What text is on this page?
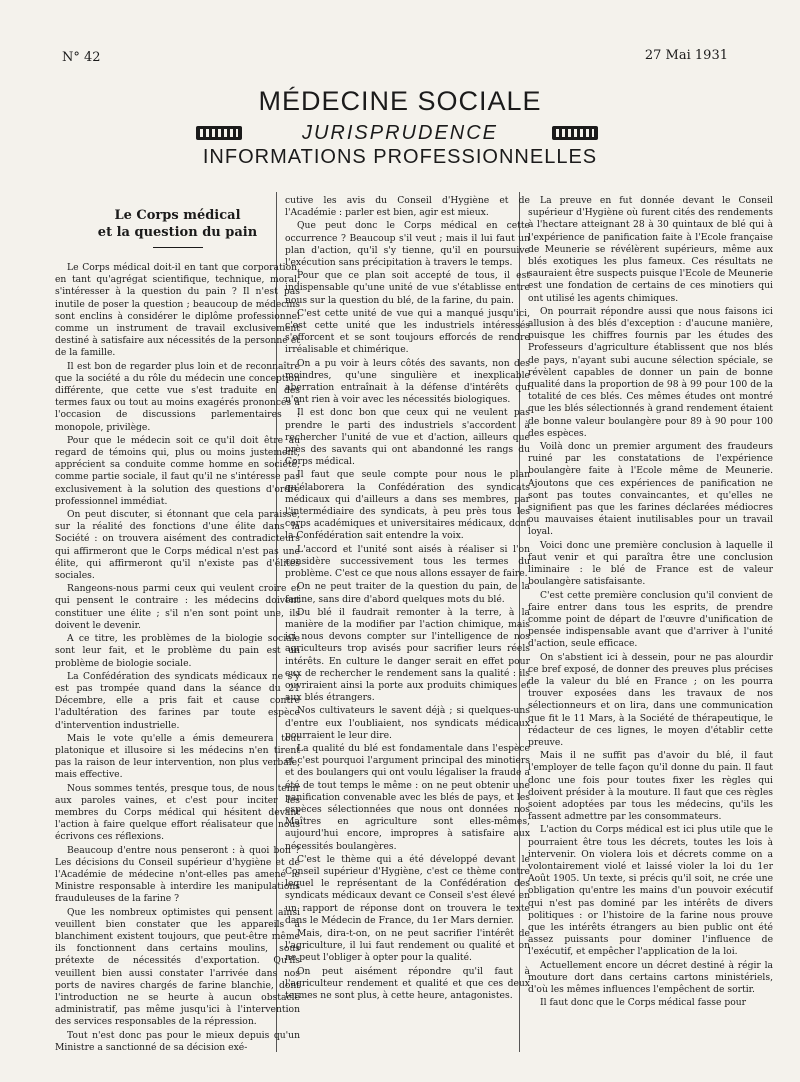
N° 42	27 Mai 1931
MÉDECINE SOCIALE
JURISPRUDENCE
INFORMATIONS PROFESSIONNELLES
Le Corps médical
et la question du pain

Le Corps médical doit-il en tant que corporation, en tant qu'agrégat scientifique, technique, moral, s'intéresser à la question du pain ? Il n'est pas inutile de poser la question ; beaucoup de médecins sont enclins à considérer le diplôme professionnel comme un instrument de travail exclusivement destiné à satisfaire aux nécessités de la personne et de la famille.

Il est bon de regarder plus loin et de reconnaître que la société a du rôle du médecin une conception différente, que cette vue s'est traduite en des termes faux ou tout au moins exagérés prononcés à l'occasion de discussions parlementaires : monopole, privilège.

Pour que le médecin soit ce qu'il doit être au regard de témoins qui, plus ou moins justement, apprécient sa conduite comme homme en société, comme partie sociale, il faut qu'il ne s'intéresse pas exclusivement à la solution des questions d'ordre professionnel immédiat.

On peut discuter, si étonnant que cela paraisse, sur la réalité des fonctions d'une élite dans la Société : on trouvera aisément des contradicteurs qui affirmeront que le Corps médical n'est pas une élite, qui affirmeront qu'il n'existe pas d'élites sociales.

Rangeons-nous parmi ceux qui veulent croire et qui pensent le contraire : les médecins doivent constituer une élite ; s'il n'en sont point une, ils doivent le devenir.

A ce titre, les problèmes de la biologie sociale sont leur fait, et le problème du pain est un problème de biologie sociale.

La Confédération des syndicats médicaux ne s'y est pas trompée quand dans la séance du 21 Décembre, elle a pris fait et cause contre l'adultération des farines par toute espèce d'intervention industrielle.

Mais le vote qu'elle a émis demeurera tout platonique et illusoire si les médecins n'en tirent pas la raison de leur intervention, non plus verbale, mais effective.

Nous sommes tentés, presque tous, de nous tenir aux paroles vaines, et c'est pour inciter les membres du Corps médical qui hésitent devant l'action à faire quelque effort réalisateur que nous écrivons ces réflexions.

Beaucoup d'entre nous penseront : à quoi bon ? Les décisions du Conseil supérieur d'hygiène et de l'Académie de médecine n'ont-elles pas amené le Ministre responsable à interdire les manipulations frauduleuses de la farine ?

Que les nombreux optimistes qui pensent ainsi veuillent bien constater que les appareils à blanchiment existent toujours, que peut-être même ils fonctionnent dans certains moulins, sous prétexte de nécessités d'exportation. Qu'ils veuillent bien aussi constater l'arrivée dans nos ports de navires chargés de farine blanchie, dont l'introduction ne se heurte à aucun obstacle administratif, pas même jusqu'ici à l'intervention des services responsables de la répression.

Tout n'est donc pas pour le mieux depuis qu'un Ministre a sanctionné de sa décision exé-

cutive les avis du Conseil d'Hygiène et de l'Académie : parler est bien, agir est mieux.

Que peut donc le Corps médical en cette occurrence ? Beaucoup s'il veut ; mais il lui faut un plan d'action, qu'il s'y tienne, qu'il en poursuive l'exécution sans précipitation à travers le temps.

Pour que ce plan soit accepté de tous, il est indispensable qu'une unité de vue s'établisse entre nous sur la question du blé, de la farine, du pain.

C'est cette unité de vue qui a manqué jusqu'ici, c'est cette unité que les industriels intéressés s'efforcent et se sont toujours efforcés de rendre irréalisable et chimérique.

On a pu voir à leurs côtés des savants, non des moindres, qu'une singulière et inexplicable aberration entraînait à la défense d'intérêts qui n'ont rien à voir avec les nécessités biologiques.

Il est donc bon que ceux qui ne veulent pas prendre le parti des industriels s'accordent à rechercher l'unité de vue et d'action, ailleurs que près des savants qui ont abandonné les rangs du Corps médical.

Il faut que seule compte pour nous le plan qu'élaborera la Confédération des syndicats médicaux qui d'ailleurs a dans ses membres, par l'intermédiaire des syndicats, à peu près tous les corps académiques et universitaires médicaux, dont la Confédération sait entendre la voix.

L'accord et l'unité sont aisés à réaliser si l'on considère successivement tous les termes du problème. C'est ce que nous allons essayer de faire.

On ne peut traiter de la question du pain, de la farine, sans dire d'abord quelques mots du blé.

Du blé il faudrait remonter à la terre, à la manière de la modifier par l'action chimique, mais ici nous devons compter sur l'intelligence de nos agriculteurs trop avisés pour sacrifier leurs réels intérêts. En culture le danger serait en effet pour eux de rechercher le rendement sans la qualité : ils ouvriraient ainsi la porte aux produits chimiques et aux blés étrangers.

Nos cultivateurs le savent déjà ; si quelques-uns d'entre eux l'oubliaient, nos syndicats médicaux pourraient le leur dire.

La qualité du blé est fondamentale dans l'espèce et c'est pourquoi l'argument principal des minotiers et des boulangers qui ont voulu légaliser la fraude a été de tout temps le même : on ne peut obtenir une panification convenable avec les blés de pays, et les espèces sélectionnées que nous ont données nos Maîtres en agriculture sont elles-mêmes, aujourd'hui encore, impropres à satisfaire aux nécessités boulangères.

C'est le thème qui a été développé devant le Conseil supérieur d'Hygiène, c'est ce thème contre lequel le représentant de la Confédération des syndicats médicaux devant ce Conseil s'est élevé en un rapport de réponse dont on trouvera le texte dans le Médecin de France, du 1er Mars dernier.

Mais, dira-t-on, on ne peut sacrifier l'intérêt de l'agriculture, il lui faut rendement ou qualité et on ne peut l'obliger à opter pour la qualité.

On peut aisément répondre qu'il faut à l'agriculteur rendement et qualité et que ces deux termes ne sont plus, à cette heure, antagonistes.

La preuve en fut donnée devant le Conseil supérieur d'Hygiène où furent cités des rendements à l'hectare atteignant 28 à 30 quintaux de blé qui à l'expérience de panification faite à l'Ecole française de Meunerie se révélèrent supérieurs, même aux blés exotiques les plus fameux. Ces résultats ne sauraient être suspects puisque l'Ecole de Meunerie est une fondation de certains de ces minotiers qui ont utilisé les agents chimiques.

On pourrait répondre aussi que nous faisons ici allusion à des blés d'exception : d'aucune manière, puisque les chiffres fournis par les études des Professeurs d'agriculture établissent que nos blés de pays, n'ayant subi aucune sélection spéciale, se révèlent capables de donner un pain de bonne qualité dans la proportion de 98 à 99 pour 100 de la totalité de ces blés. Ces mêmes études ont montré que les blés sélectionnés à grand rendement étaient de bonne valeur boulangère pour 89 à 90 pour 100 des espèces.

Voilà donc un premier argument des fraudeurs ruiné par les constatations de l'expérience boulangère faite à l'Ecole même de Meunerie. Ajoutons que ces expériences de panification ne sont pas toutes convaincantes, et qu'elles ne signifient pas que les farines déclarées médiocres ou mauvaises étaient inutilisables pour un travail loyal.

Voici donc une première conclusion à laquelle il faut venir et qui paraîtra être une conclusion liminaire : le blé de France est de valeur boulangère satisfaisante.

C'est cette première conclusion qu'il convient de faire entrer dans tous les esprits, de prendre comme point de départ de l'œuvre d'unification de pensée indispensable avant que d'arriver à l'unité d'action, seule efficace.

On s'abstient ici à dessein, pour ne pas alourdir ce bref exposé, de donner des preuves plus précises de la valeur du blé en France ; on les pourra trouver exposées dans les travaux de nos sélectionneurs et on lira, dans une communication que fit le 11 Mars, à la Société de thérapeutique, le rédacteur de ces lignes, le moyen d'établir cette preuve.

Mais il ne suffit pas d'avoir du blé, il faut l'employer de telle façon qu'il donne du pain. Il faut donc une fois pour toutes fixer les règles qui doivent présider à la mouture. Il faut que ces règles soient adoptées par tous les médecins, qu'ils les fassent admettre par les consommateurs.

L'action du Corps médical est ici plus utile que le pourraient être tous les décrets, toutes les lois à intervenir. On violera lois et décrets comme on a volontairement violé et laissé violer la loi du 1er Août 1905. Un texte, si précis qu'il soit, ne crée une obligation qu'entre les mains d'un pouvoir exécutif qui n'est pas dominé par les intérêts de divers politiques : or l'histoire de la farine nous prouve que les intérêts étrangers au bien public ont été assez puissants pour dominer l'influence de l'exécutif, et empêcher l'application de la loi.

Actuellement encore un décret destiné à régir la mouture dort dans certains cartons ministériels, d'où les mêmes influences l'empêchent de sortir.

Il faut donc que le Corps médical fasse pour
